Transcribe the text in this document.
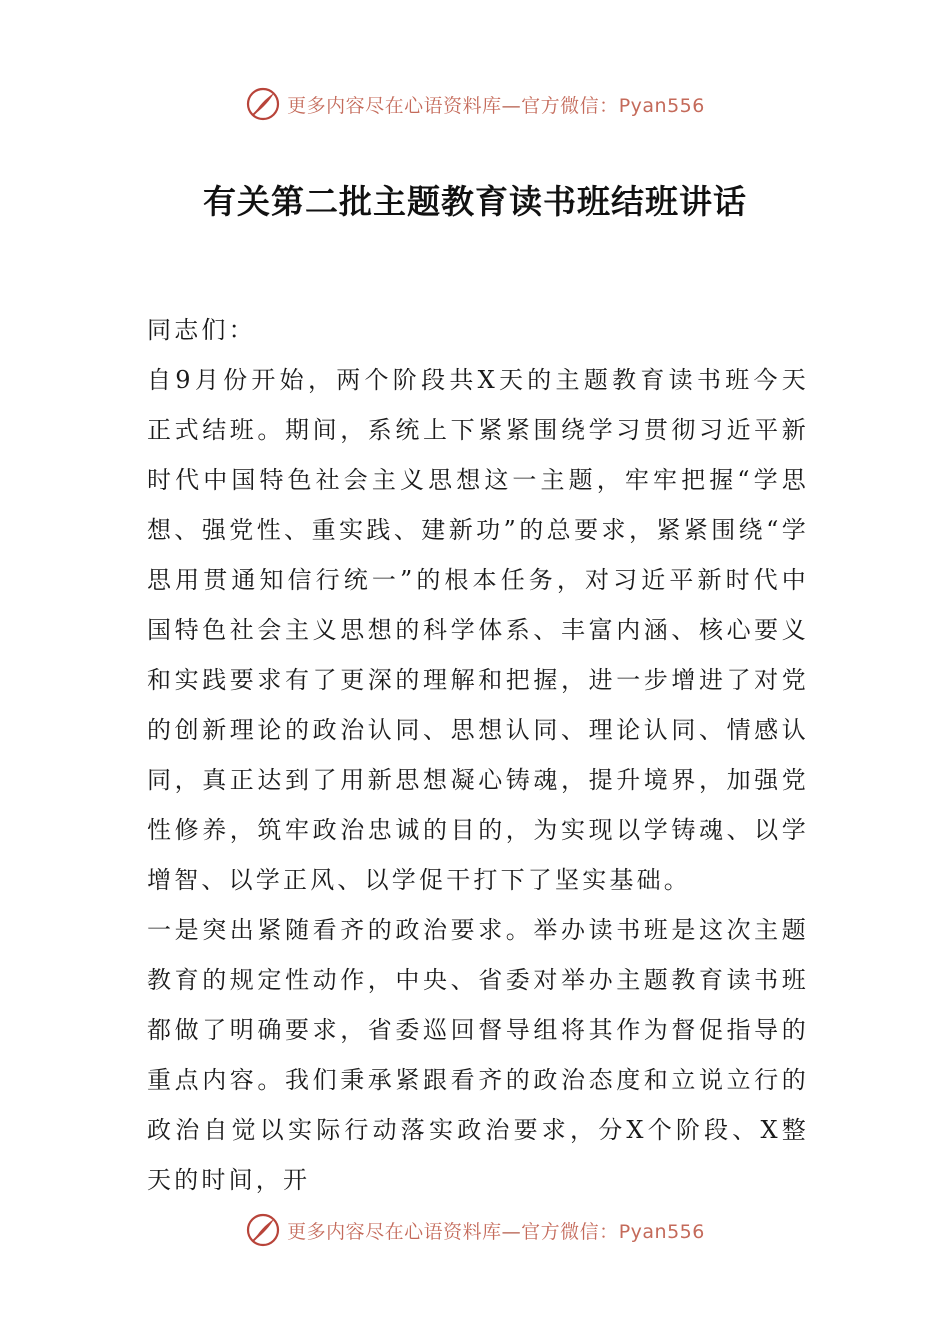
更多内容尽在心语资料库—官方微信：Pyan556
有关第二批主题教育读书班结班讲话

同志们：

自9月份开始，两个阶段共X天的主题教育读书班今天正式结班。期间，系统上下紧紧围绕学习贯彻习近平新时代中国特色社会主义思想这一主题，牢牢把握“学思想、强党性、重实践、建新功”的总要求，紧紧围绕“学思用贯通知信行统一”的根本任务，对习近平新时代中国特色社会主义思想的科学体系、丰富内涵、核心要义和实践要求有了更深的理解和把握，进一步增进了对党的创新理论的政治认同、思想认同、理论认同、情感认同，真正达到了用新思想凝心铸魂，提升境界，加强党性修养，筑牢政治忠诚的目的，为实现以学铸魂、以学增智、以学正风、以学促干打下了坚实基础。

一是突出紧随看齐的政治要求。举办读书班是这次主题教育的规定性动作，中央、省委对举办主题教育读书班都做了明确要求，省委巡回督导组将其作为督促指导的重点内容。我们秉承紧跟看齐的政治态度和立说立行的政治自觉以实际行动落实政治要求，分X个阶段、X整天的时间，开

更多内容尽在心语资料库—官方微信：Pyan556
